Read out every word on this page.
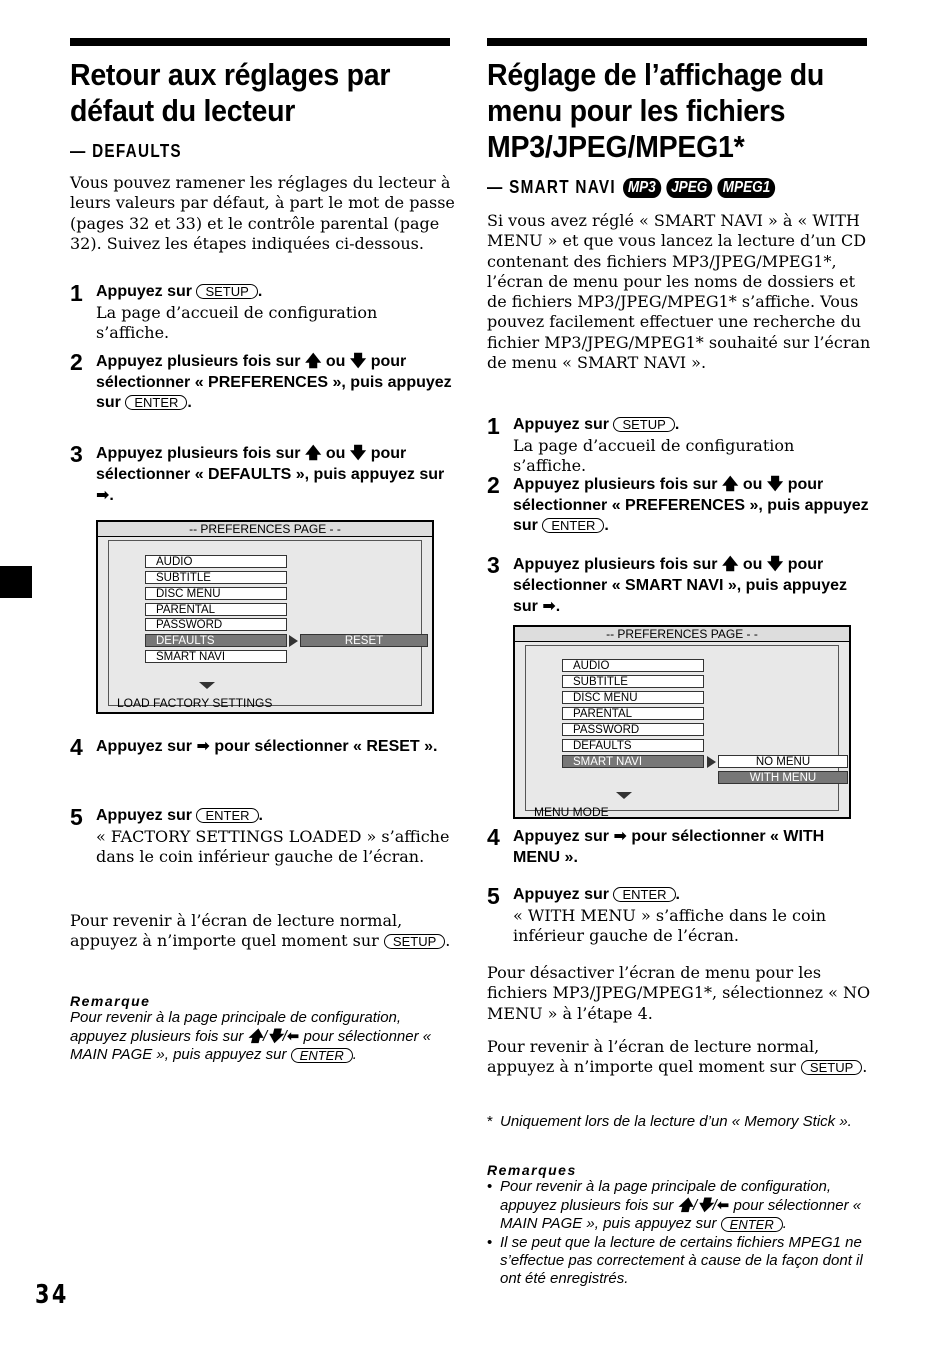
Retour aux réglages par
défaut du lecteur
— DEFAULTS

Vous pouvez ramener les réglages du lecteur à leurs valeurs par défaut, à part le mot de passe (pages 32 et 33) et le contrôle parental (page 32). Suivez les étapes indiquées ci-dessous.

1 Appuyez sur SETUP .
La page d’accueil de configuration s’affiche.
2 Appuyez plusieurs fois sur 🡅 ou 🡇 pour sélectionner « PREFERENCES », puis appuyez sur ENTER .
3 Appuyez plusieurs fois sur 🡅 ou 🡇 pour sélectionner « DEFAULTS », puis appuyez sur ➡.
-- PREFERENCES PAGE - -
AUDIO
SUBTITLE
DISC MENU
PARENTAL
PASSWORD
DEFAULTS
SMART NAVI
RESET
LOAD FACTORY SETTINGS
4 Appuyez sur ➡ pour sélectionner « RESET ».
5 Appuyez sur ENTER .
« FACTORY SETTINGS LOADED » s’affiche dans le coin inférieur gauche de l’écran.

Pour revenir à l’écran de lecture normal, appuyez à n’importe quel moment sur SETUP .

Remarque
Pour revenir à la page principale de configuration, appuyez plusieurs fois sur 🡅/🡇/⬅ pour sélectionner « MAIN PAGE », puis appuyez sur ENTER .
Réglage de l’affichage du
menu pour les fichiers
MP3/JPEG/MPEG1*
— SMART NAVI MP3 JPEG MPEG1

Si vous avez réglé « SMART NAVI » à « WITH MENU » et que vous lancez la lecture d’un CD contenant des fichiers MP3/JPEG/MPEG1*, l’écran de menu pour les noms de dossiers et de fichiers MP3/JPEG/MPEG1* s’affiche. Vous pouvez facilement effectuer une recherche du fichier MP3/JPEG/MPEG1* souhaité sur l’écran de menu « SMART NAVI ».

1 Appuyez sur SETUP .
La page d’accueil de configuration s’affiche.
2 Appuyez plusieurs fois sur 🡅 ou 🡇 pour sélectionner « PREFERENCES », puis appuyez sur ENTER .
3 Appuyez plusieurs fois sur 🡅 ou 🡇 pour sélectionner « SMART NAVI », puis appuyez sur ➡.
-- PREFERENCES PAGE - -
AUDIO
SUBTITLE
DISC MENU
PARENTAL
PASSWORD
DEFAULTS
SMART NAVI	NO MENU
WITH MENU
MENU MODE
4 Appuyez sur ➡ pour sélectionner « WITH MENU ».
5 Appuyez sur ENTER .
« WITH MENU » s’affiche dans le coin inférieur gauche de l’écran.

Pour désactiver l’écran de menu pour les fichiers MP3/JPEG/MPEG1*, sélectionnez « NO MENU » à l’étape 4.

Pour revenir à l’écran de lecture normal, appuyez à n’importe quel moment sur SETUP .

* Uniquement lors de la lecture d’un « Memory Stick ».
Remarques
• Pour revenir à la page principale de configuration, appuyez plusieurs fois sur 🡅/🡇/⬅ pour sélectionner « MAIN PAGE », puis appuyez sur ENTER .
• Il se peut que la lecture de certains fichiers MPEG1 ne s’effectue pas correctement à cause de la façon dont il ont été enregistrés.
34
